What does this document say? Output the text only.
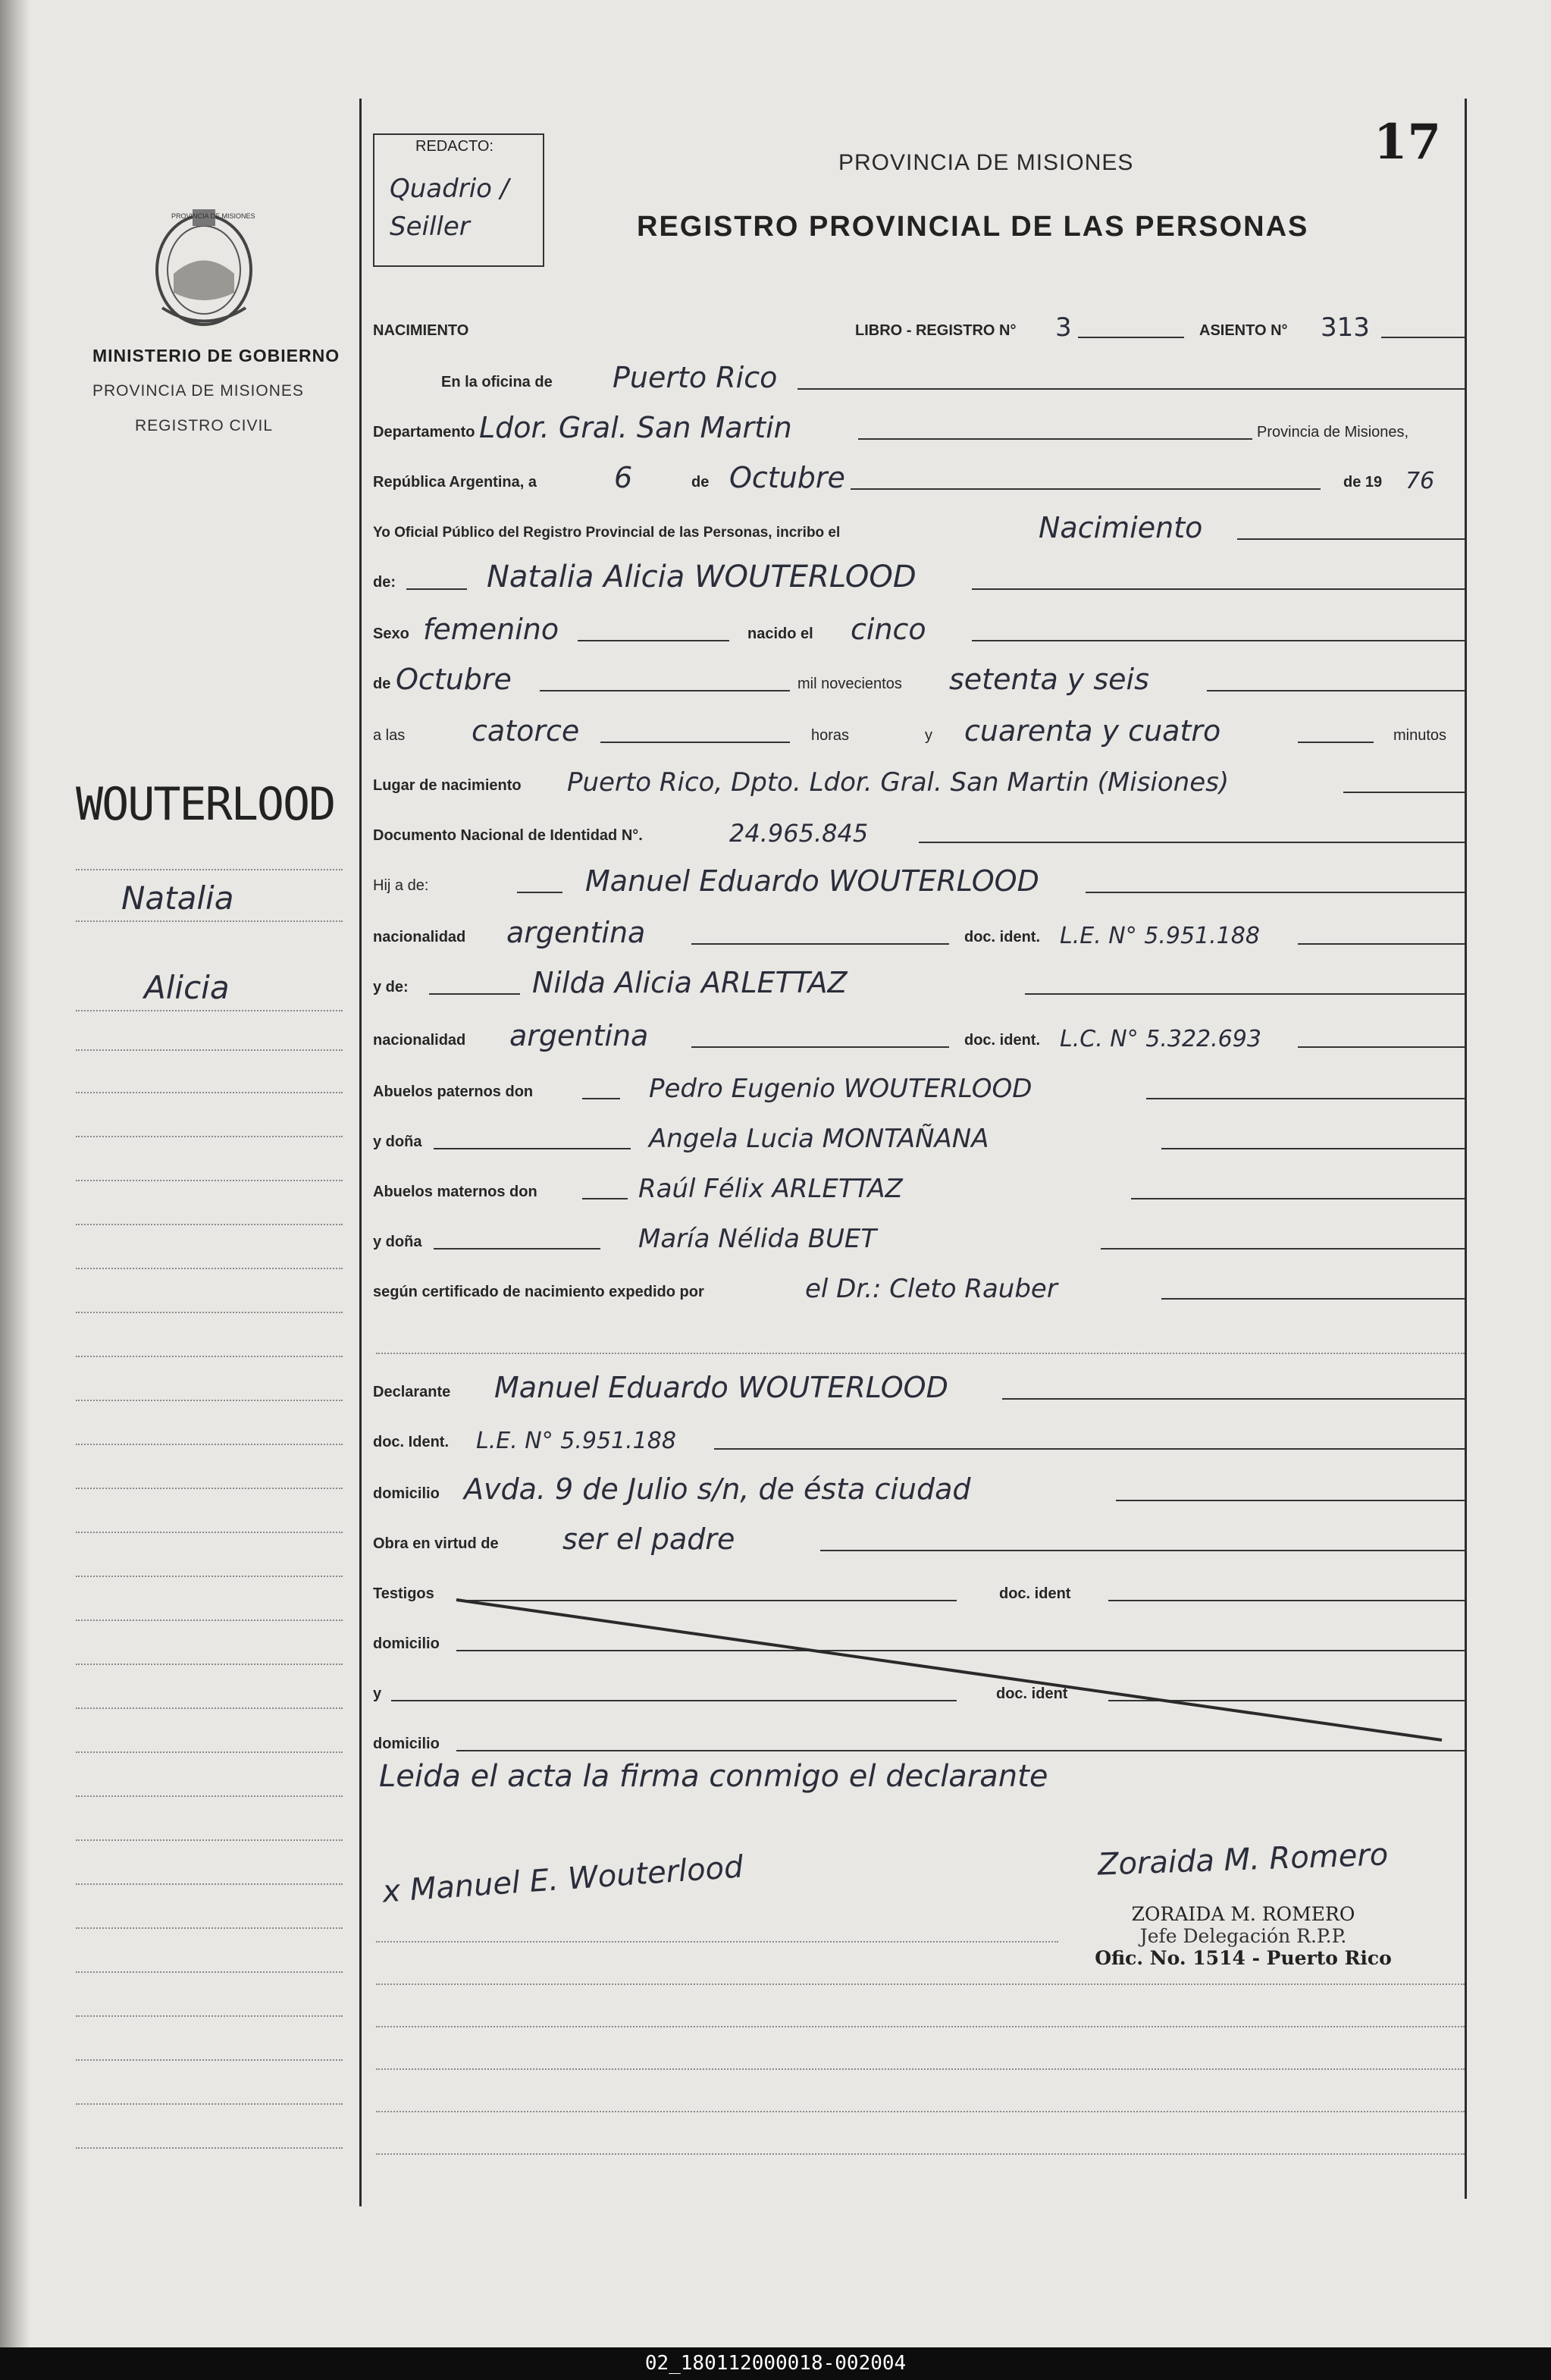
17
REDACTO:
Quadrio / Seiller
PROVINCIA DE MISIONES
REGISTRO PROVINCIAL DE LAS PERSONAS
PROVINCIA DE MISIONES
MINISTERIO DE GOBIERNO
PROVINCIA DE MISIONES
REGISTRO CIVIL
WOUTERLOOD
Natalia
Alicia
NACIMIENTO	LIBRO - REGISTRO N° 3	ASIENTO N° 313
En la oficina de Puerto Rico
Departamento Ldor. Gral. San Martin	Provincia de Misiones,
República Argentina, a	6	de Octubre	de 19 76
Yo Oficial Público del Registro Provincial de las Personas, incribo el	Nacimiento
de:	Natalia Alicia WOUTERLOOD
Sexo femenino	nacido el cinco
de Octubre	mil novecientos setenta y seis
a las catorce	horas	y cuarenta y cuatro	minutos
Lugar de nacimiento Puerto Rico, Dpto. Ldor. Gral. San Martin (Misiones)
Documento Nacional de Identidad N°.	24.965.845
Hij a de:	Manuel Eduardo WOUTERLOOD
nacionalidad argentina	doc. ident. L.E. N° 5.951.188
y de:	Nilda Alicia ARLETTAZ
nacionalidad argentina	doc. ident. L.C. N° 5.322.693
Abuelos paternos don	Pedro Eugenio WOUTERLOOD
y doña	Angela Lucia MONTAÑANA
Abuelos maternos don	Raúl Félix ARLETTAZ
y doña	María Nélida BUET
según certificado de nacimiento expedido por	el Dr.: Cleto Rauber
Declarante Manuel Eduardo WOUTERLOOD
doc. Ident. L.E. N° 5.951.188
domicilio Avda. 9 de Julio s/n, de ésta ciudad
Obra en virtud de ser el padre
Testigos	doc. ident
domicilio
y	doc. ident
domicilio
Leida el acta la firma conmigo el declarante
x Manuel E. Wouterlood	Zoraida M. Romero
ZORAIDA M. ROMERO
Jefe Delegación R.P.P.
Ofic. No. 1514 - Puerto Rico
02_180112000018-002004
